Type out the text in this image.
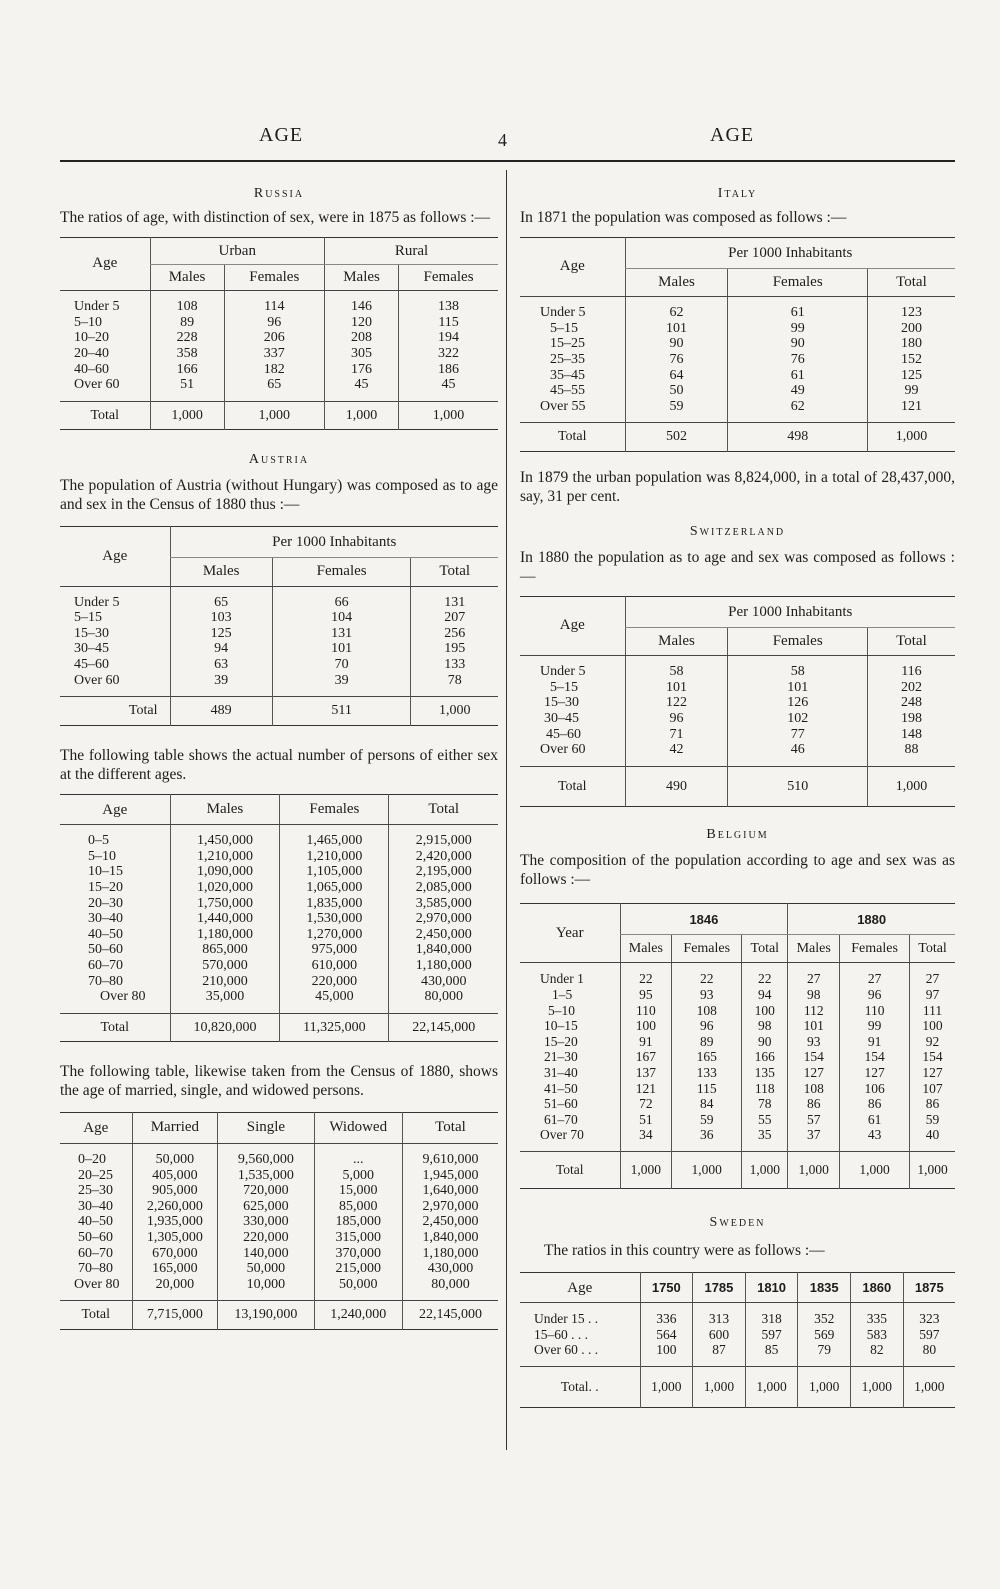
AGE	4	AGE

Russia

The ratios of age, with distinction of sex, were in 1875 as follows :—

Age	Urban		Rural	
	Males	Females	Males	Females
Under 5	108	114	146	138
5–10	89	96	120	115
10–20	228	206	208	194
20–40	358	337	305	322
40–60	166	182	176	186
Over 60	51	65	45	45
Total	1,000	1,000	1,000	1,000

Austria

The population of Austria (without Hungary) was composed as to age and sex in the Census of 1880 thus :—

Age	Per 1000 Inhabitants		
	Males	Females	Total
Under 5	65	66	131
5–15	103	104	207
15–30	125	131	256
30–45	94	101	195
45–60	63	70	133
Over 60	39	39	78
Total	489	511	1,000

The following table shows the actual number of persons of either sex at the different ages.

Age	Males	Females	Total
0–5	1,450,000	1,465,000	2,915,000
5–10	1,210,000	1,210,000	2,420,000
10–15	1,090,000	1,105,000	2,195,000
15–20	1,020,000	1,065,000	2,085,000
20–30	1,750,000	1,835,000	3,585,000
30–40	1,440,000	1,530,000	2,970,000
40–50	1,180,000	1,270,000	2,450,000
50–60	865,000	975,000	1,840,000
60–70	570,000	610,000	1,180,000
70–80	210,000	220,000	430,000
Over 80	35,000	45,000	80,000
Total	10,820,000	11,325,000	22,145,000

The following table, likewise taken from the Census of 1880, shows the age of married, single, and widowed persons.

Age	Married	Single	Widowed	Total
0–20	50,000	9,560,000	...	9,610,000
20–25	405,000	1,535,000	5,000	1,945,000
25–30	905,000	720,000	15,000	1,640,000
30–40	2,260,000	625,000	85,000	2,970,000
40–50	1,935,000	330,000	185,000	2,450,000
50–60	1,305,000	220,000	315,000	1,840,000
60–70	670,000	140,000	370,000	1,180,000
70–80	165,000	50,000	215,000	430,000
Over 80	20,000	10,000	50,000	80,000
Total	7,715,000	13,190,000	1,240,000	22,145,000

Italy

In 1871 the population was composed as follows :—

Age	Per 1000 Inhabitants		
	Males	Females	Total
Under 5	62	61	123
5–15	101	99	200
15–25	90	90	180
25–35	76	76	152
35–45	64	61	125
45–55	50	49	99
Over 55	59	62	121
Total	502	498	1,000

In 1879 the urban population was 8,824,000, in a total of 28,437,000, say, 31 per cent.

Switzerland

In 1880 the population as to age and sex was composed as follows :—

Age	Per 1000 Inhabitants		
	Males	Females	Total
Under 5	58	58	116
5–15	101	101	202
15–30	122	126	248
30–45	96	102	198
45–60	71	77	148
Over 60	42	46	88
Total	490	510	1,000

Belgium

The composition of the population according to age and sex was as follows :—

Year	1846			1880		
	Males	Females	Total	Males	Females	Total
Under 1	22	22	22	27	27	27
1–5	95	93	94	98	96	97
5–10	110	108	100	112	110	111
10–15	100	96	98	101	99	100
15–20	91	89	90	93	91	92
21–30	167	165	166	154	154	154
31–40	137	133	135	127	127	127
41–50	121	115	118	108	106	107
51–60	72	84	78	86	86	86
61–70	51	59	55	57	61	59
Over 70	34	36	35	37	43	40
Total	1,000	1,000	1,000	1,000	1,000	1,000

Sweden

The ratios in this country were as follows :—

Age	1750	1785	1810	1835	1860	1875
Under 15 . .	336	313	318	352	335	323
15–60 . . .	564	600	597	569	583	597
Over 60 . . .	100	87	85	79	82	80
Total. .	1,000	1,000	1,000	1,000	1,000	1,000
